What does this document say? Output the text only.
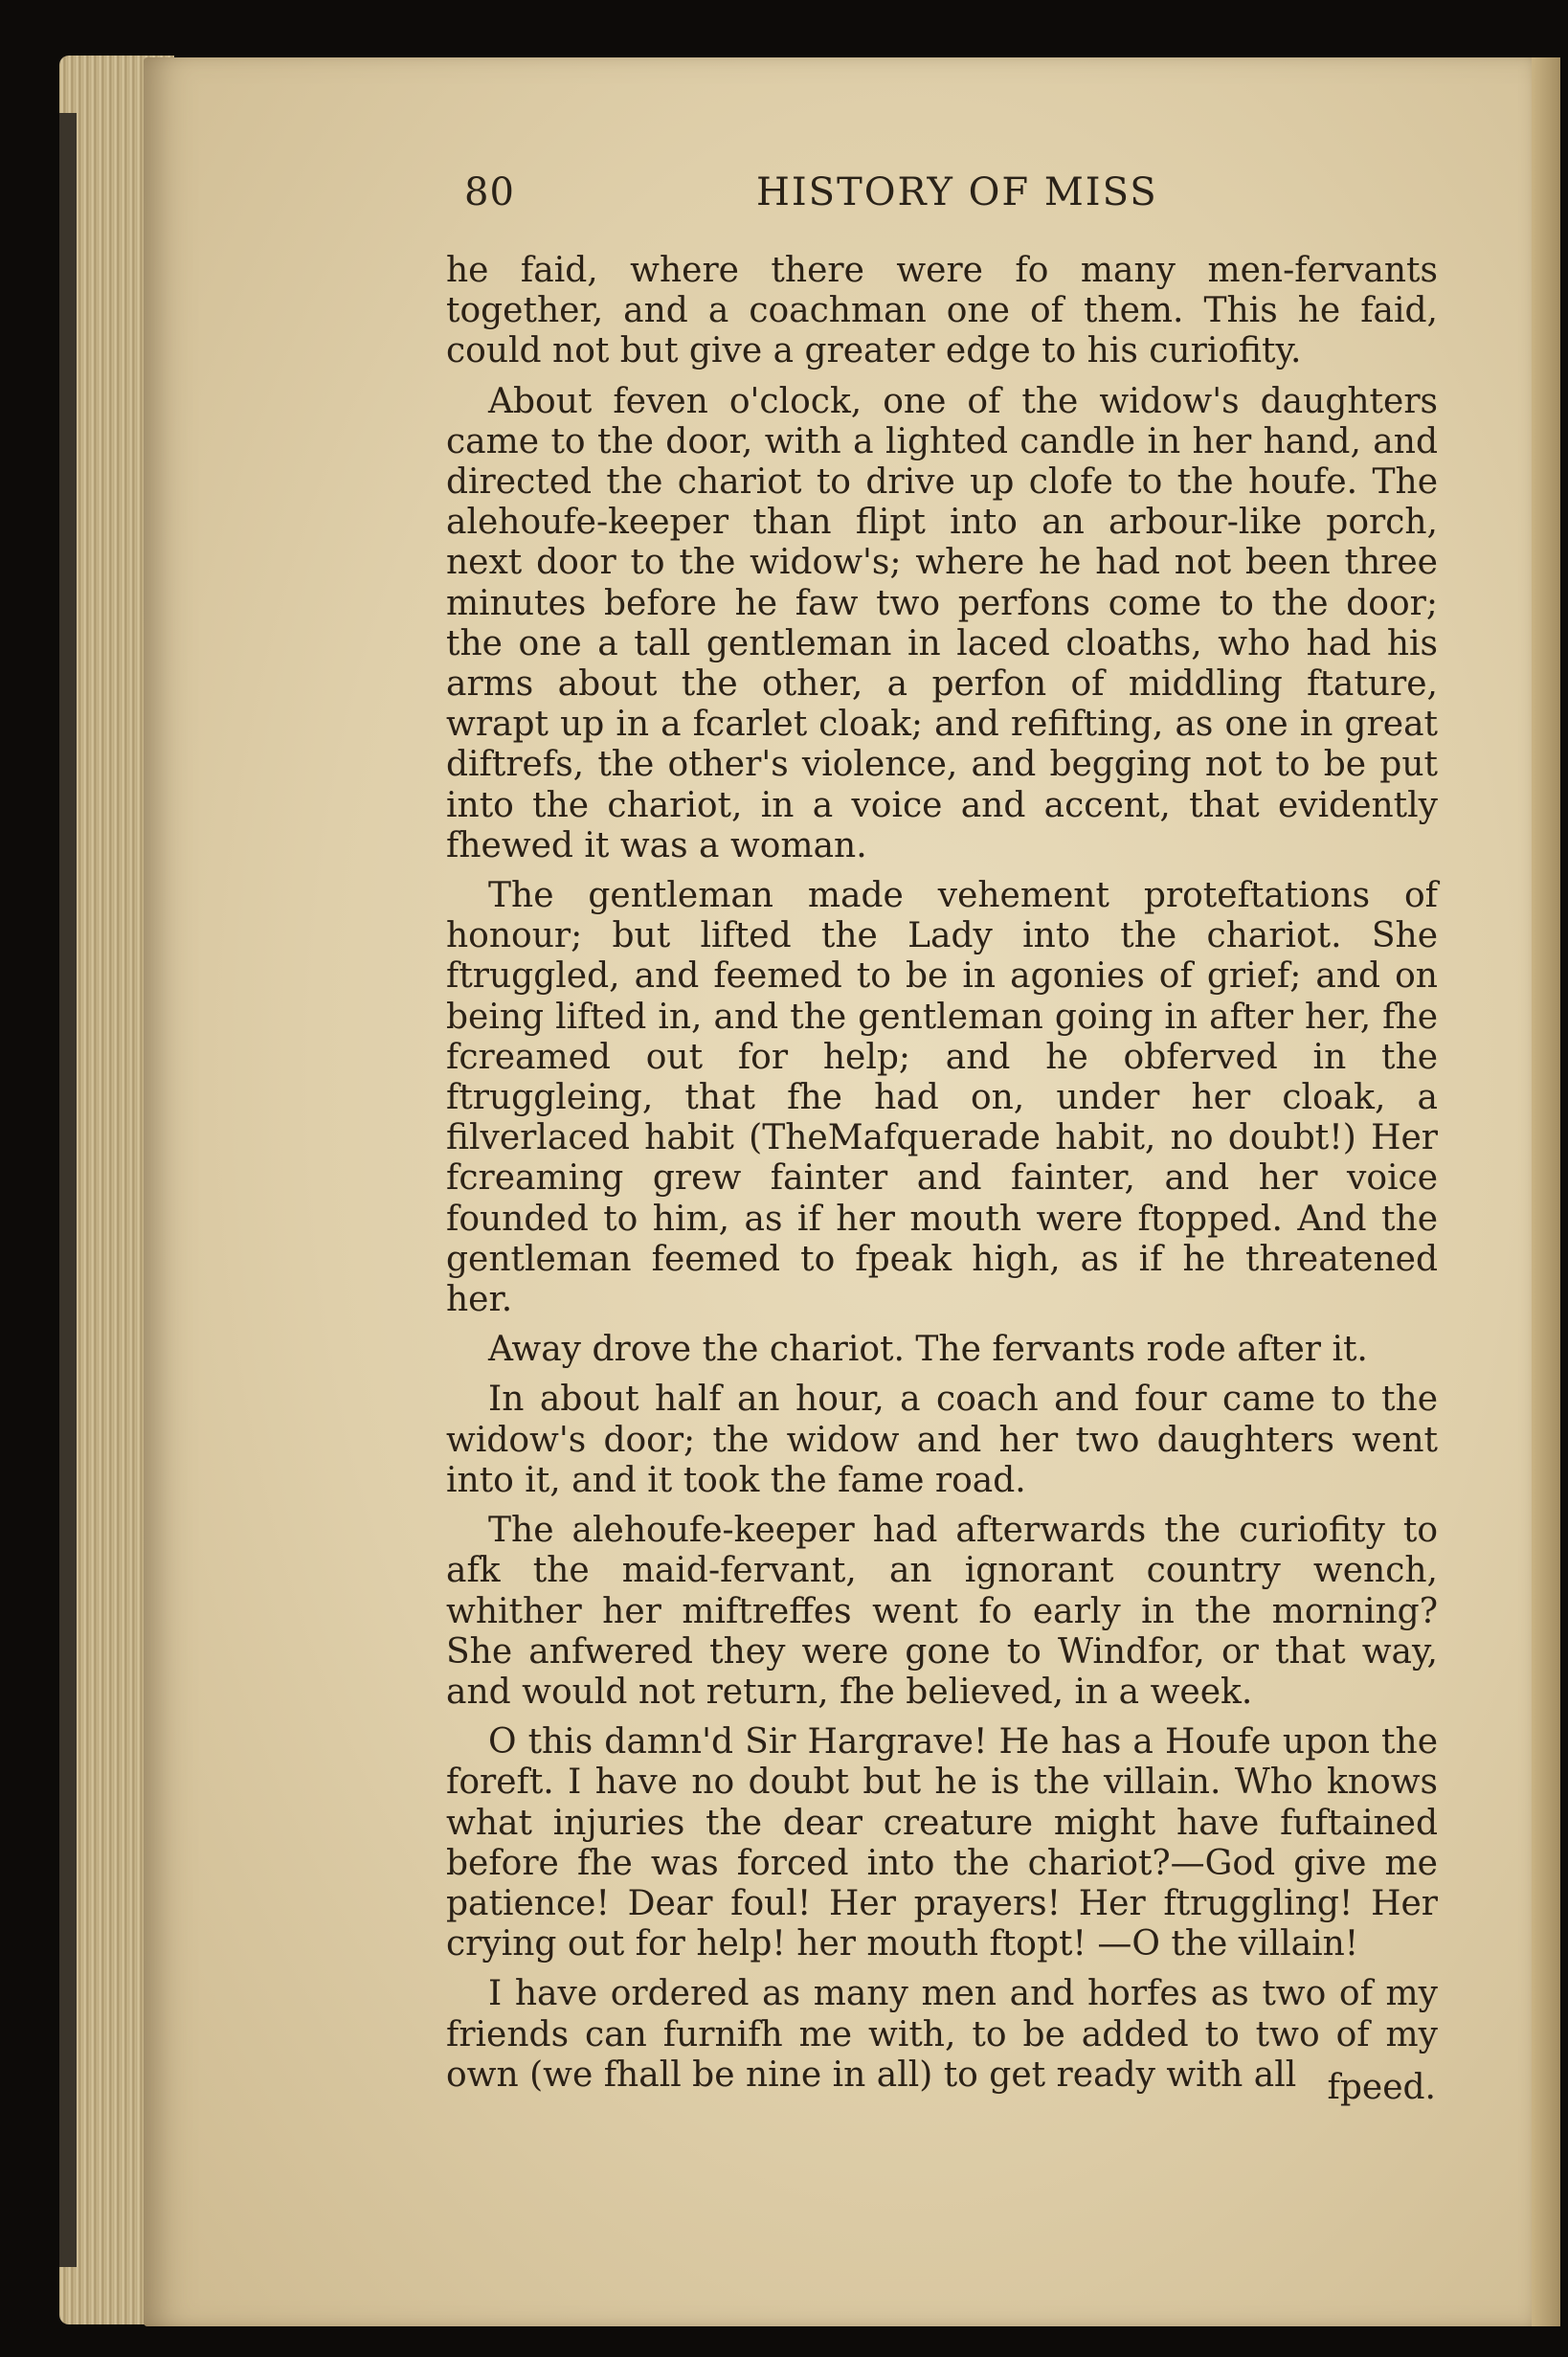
80	HISTORY OF MISS

he faid, where there were fo many men-fervants together, and a coachman one of them. This he faid, could not but give a greater edge to his curiofity.

About feven o'clock, one of the widow's daughters came to the door, with a lighted candle in her hand, and directed the chariot to drive up clofe to the houfe. The alehoufe-keeper than flipt into an arbour-like porch, next door to the widow's; where he had not been three minutes before he faw two perfons come to the door; the one a tall gentleman in laced cloaths, who had his arms about the other, a perfon of middling ftature, wrapt up in a fcarlet cloak; and refifting, as one in great diftrefs, the other's violence, and begging not to be put into the chariot, in a voice and accent, that evidently fhewed it was a woman.

The gentleman made vehement proteftations of honour; but lifted the Lady into the chariot. She ftruggled, and feemed to be in agonies of grief; and on being lifted in, and the gentleman going in after her, fhe fcreamed out for help; and he obferved in the ftruggleing, that fhe had on, under her cloak, a filverlaced habit (TheMafquerade habit, no doubt!) Her fcreaming grew fainter and fainter, and her voice founded to him, as if her mouth were ftopped. And the gentleman feemed to fpeak high, as if he threatened her.

Away drove the chariot. The fervants rode after it.

In about half an hour, a coach and four came to the widow's door; the widow and her two daughters went into it, and it took the fame road.

The alehoufe-keeper had afterwards the curiofity to afk the maid-fervant, an ignorant country wench, whither her miftreffes went fo early in the morning? She anfwered they were gone to Windfor, or that way, and would not return, fhe believed, in a week.

O this damn'd Sir Hargrave! He has a Houfe upon the foreft. I have no doubt but he is the villain. Who knows what injuries the dear creature might have fuftained before fhe was forced into the chariot?—God give me patience! Dear foul! Her prayers! Her ftruggling! Her crying out for help! her mouth ftopt! —O the villain!

I have ordered as many men and horfes as two of my friends can furnifh me with, to be added to two of my own (we fhall be nine in all) to get ready with all fpeed.
